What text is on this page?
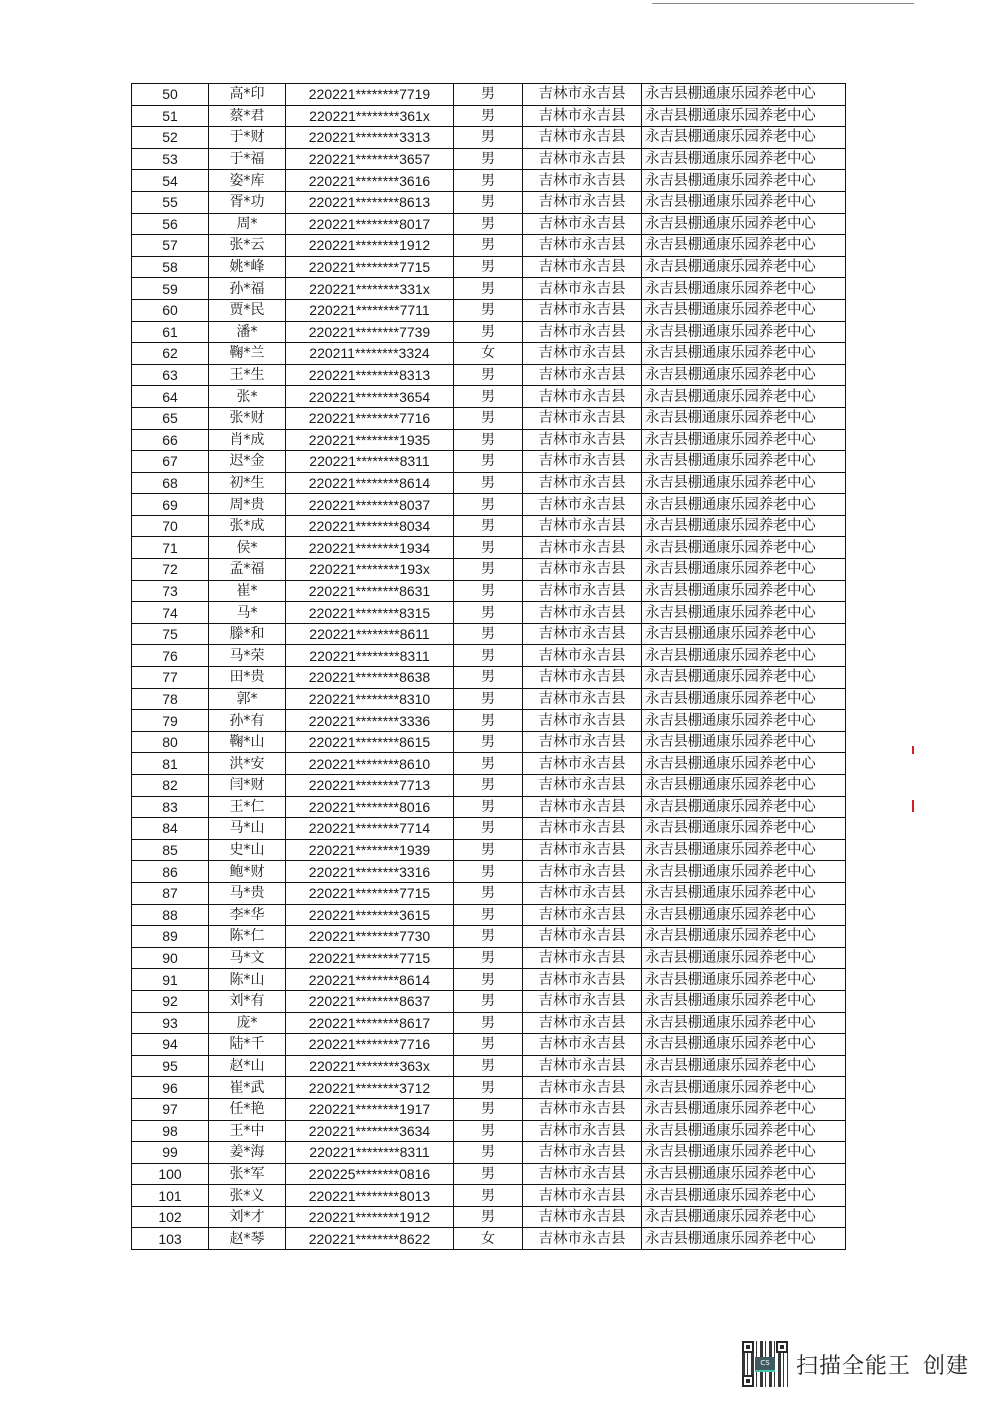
50	高*印	220221********7719	男	吉林市永吉县	永吉县棚通康乐园养老中心
51	蔡*君	220221********361x	男	吉林市永吉县	永吉县棚通康乐园养老中心
52	于*财	220221********3313	男	吉林市永吉县	永吉县棚通康乐园养老中心
53	于*福	220221********3657	男	吉林市永吉县	永吉县棚通康乐园养老中心
54	姿*库	220221********3616	男	吉林市永吉县	永吉县棚通康乐园养老中心
55	胥*功	220221********8613	男	吉林市永吉县	永吉县棚通康乐园养老中心
56	周*	220221********8017	男	吉林市永吉县	永吉县棚通康乐园养老中心
57	张*云	220221********1912	男	吉林市永吉县	永吉县棚通康乐园养老中心
58	姚*峰	220221********7715	男	吉林市永吉县	永吉县棚通康乐园养老中心
59	孙*福	220221********331x	男	吉林市永吉县	永吉县棚通康乐园养老中心
60	贾*民	220221********7711	男	吉林市永吉县	永吉县棚通康乐园养老中心
61	潘*	220221********7739	男	吉林市永吉县	永吉县棚通康乐园养老中心
62	鞠*兰	220211********3324	女	吉林市永吉县	永吉县棚通康乐园养老中心
63	王*生	220221********8313	男	吉林市永吉县	永吉县棚通康乐园养老中心
64	张*	220221********3654	男	吉林市永吉县	永吉县棚通康乐园养老中心
65	张*财	220221********7716	男	吉林市永吉县	永吉县棚通康乐园养老中心
66	肖*成	220221********1935	男	吉林市永吉县	永吉县棚通康乐园养老中心
67	迟*金	220221********8311	男	吉林市永吉县	永吉县棚通康乐园养老中心
68	初*生	220221********8614	男	吉林市永吉县	永吉县棚通康乐园养老中心
69	周*贵	220221********8037	男	吉林市永吉县	永吉县棚通康乐园养老中心
70	张*成	220221********8034	男	吉林市永吉县	永吉县棚通康乐园养老中心
71	侯*	220221********1934	男	吉林市永吉县	永吉县棚通康乐园养老中心
72	孟*福	220221********193x	男	吉林市永吉县	永吉县棚通康乐园养老中心
73	崔*	220221********8631	男	吉林市永吉县	永吉县棚通康乐园养老中心
74	马*	220221********8315	男	吉林市永吉县	永吉县棚通康乐园养老中心
75	滕*和	220221********8611	男	吉林市永吉县	永吉县棚通康乐园养老中心
76	马*荣	220221********8311	男	吉林市永吉县	永吉县棚通康乐园养老中心
77	田*贵	220221********8638	男	吉林市永吉县	永吉县棚通康乐园养老中心
78	郭*	220221********8310	男	吉林市永吉县	永吉县棚通康乐园养老中心
79	孙*有	220221********3336	男	吉林市永吉县	永吉县棚通康乐园养老中心
80	鞠*山	220221********8615	男	吉林市永吉县	永吉县棚通康乐园养老中心
81	洪*安	220221********8610	男	吉林市永吉县	永吉县棚通康乐园养老中心
82	闫*财	220221********7713	男	吉林市永吉县	永吉县棚通康乐园养老中心
83	王*仁	220221********8016	男	吉林市永吉县	永吉县棚通康乐园养老中心
84	马*山	220221********7714	男	吉林市永吉县	永吉县棚通康乐园养老中心
85	史*山	220221********1939	男	吉林市永吉县	永吉县棚通康乐园养老中心
86	鲍*财	220221********3316	男	吉林市永吉县	永吉县棚通康乐园养老中心
87	马*贵	220221********7715	男	吉林市永吉县	永吉县棚通康乐园养老中心
88	李*华	220221********3615	男	吉林市永吉县	永吉县棚通康乐园养老中心
89	陈*仁	220221********7730	男	吉林市永吉县	永吉县棚通康乐园养老中心
90	马*文	220221********7715	男	吉林市永吉县	永吉县棚通康乐园养老中心
91	陈*山	220221********8614	男	吉林市永吉县	永吉县棚通康乐园养老中心
92	刘*有	220221********8637	男	吉林市永吉县	永吉县棚通康乐园养老中心
93	庞*	220221********8617	男	吉林市永吉县	永吉县棚通康乐园养老中心
94	陆*千	220221********7716	男	吉林市永吉县	永吉县棚通康乐园养老中心
95	赵*山	220221********363x	男	吉林市永吉县	永吉县棚通康乐园养老中心
96	崔*武	220221********3712	男	吉林市永吉县	永吉县棚通康乐园养老中心
97	任*艳	220221********1917	男	吉林市永吉县	永吉县棚通康乐园养老中心
98	王*中	220221********3634	男	吉林市永吉县	永吉县棚通康乐园养老中心
99	姜*海	220221********8311	男	吉林市永吉县	永吉县棚通康乐园养老中心
100	张*军	220225********0816	男	吉林市永吉县	永吉县棚通康乐园养老中心
101	张*义	220221********8013	男	吉林市永吉县	永吉县棚通康乐园养老中心
102	刘*才	220221********1912	男	吉林市永吉县	永吉县棚通康乐园养老中心
103	赵*琴	220221********8622	女	吉林市永吉县	永吉县棚通康乐园养老中心
CS 扫描全能王 创建
